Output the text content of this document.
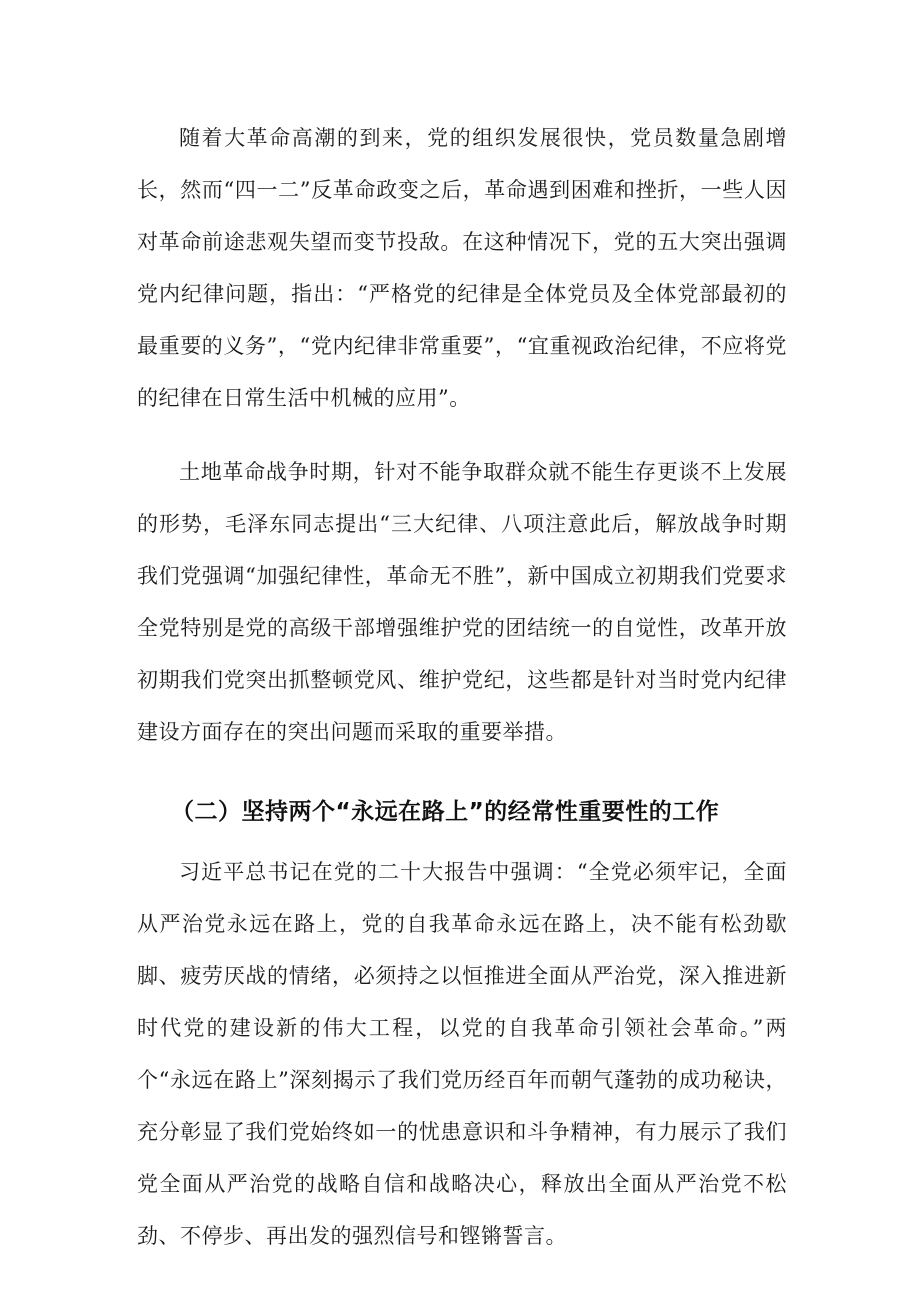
随着大革命高潮的到来，党的组织发展很快，党员数量急剧增长，然而“四一二”反革命政变之后，革命遇到困难和挫折，一些人因对革命前途悲观失望而变节投敌。在这种情况下，党的五大突出强调党内纪律问题，指出：“严格党的纪律是全体党员及全体党部最初的最重要的义务”，“党内纪律非常重要”，“宜重视政治纪律，不应将党的纪律在日常生活中机械的应用”。

土地革命战争时期，针对不能争取群众就不能生存更谈不上发展的形势，毛泽东同志提出“三大纪律、八项注意此后，解放战争时期我们党强调“加强纪律性，革命无不胜”，新中国成立初期我们党要求全党特别是党的高级干部增强维护党的团结统一的自觉性，改革开放初期我们党突出抓整顿党风、维护党纪，这些都是针对当时党内纪律建设方面存在的突出问题而采取的重要举措。

（二）坚持两个“永远在路上”的经常性重要性的工作

习近平总书记在党的二十大报告中强调：“全党必须牢记，全面从严治党永远在路上，党的自我革命永远在路上，决不能有松劲歇脚、疲劳厌战的情绪，必须持之以恒推进全面从严治党，深入推进新时代党的建设新的伟大工程，以党的自我革命引领社会革命。”两个“永远在路上”深刻揭示了我们党历经百年而朝气蓬勃的成功秘诀，充分彰显了我们党始终如一的忧患意识和斗争精神，有力展示了我们党全面从严治党的战略自信和战略决心，释放出全面从严治党不松劲、不停步、再出发的强烈信号和铿锵誓言。
